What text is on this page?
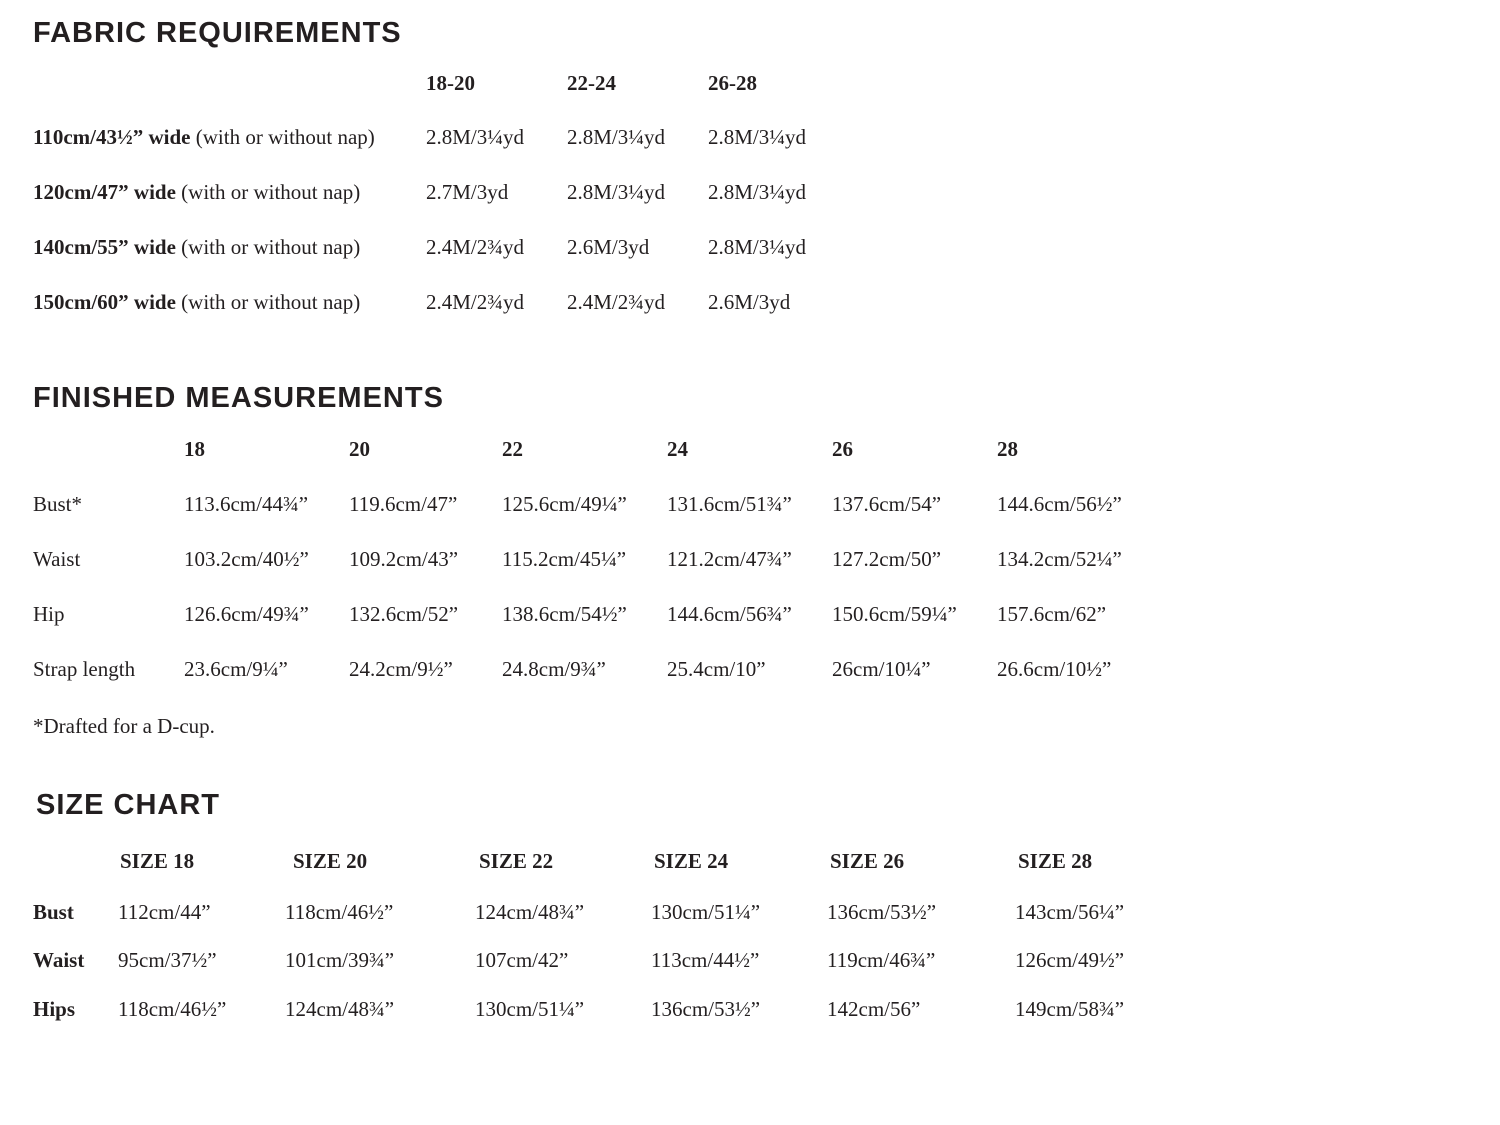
FABRIC REQUIREMENTS
18-20	22-24	26-28
110cm/43½” wide (with or without nap) 2.8M/3¼yd 2.8M/3¼yd 2.8M/3¼yd
120cm/47” wide (with or without nap)	2.7M/3yd	2.8M/3¼yd 2.8M/3¼yd
140cm/55” wide (with or without nap)	2.4M/2¾yd 2.6M/3yd	2.8M/3¼yd
150cm/60” wide (with or without nap)	2.4M/2¾yd 2.4M/2¾yd 2.6M/3yd
FINISHED MEASUREMENTS
18	20	22	24	26	28
Bust*	113.6cm/44¾” 119.6cm/47” 125.6cm/49¼” 131.6cm/51¾” 137.6cm/54”	144.6cm/56½”
Waist	103.2cm/40½” 109.2cm/43” 115.2cm/45¼” 121.2cm/47¾” 127.2cm/50”	134.2cm/52¼”
Hip	126.6cm/49¾” 132.6cm/52” 138.6cm/54½” 144.6cm/56¾” 150.6cm/59¼” 157.6cm/62”
Strap length 23.6cm/9¼”	24.2cm/9½” 24.8cm/9¾”	25.4cm/10”	26cm/10¼”	26.6cm/10½”
*Drafted for a D-cup.
SIZE CHART
SIZE 18	SIZE 20	SIZE 22	SIZE 24	SIZE 26	SIZE 28
Bust 112cm/44”	118cm/46½”	124cm/48¾”	130cm/51¼”	136cm/53½”	143cm/56¼”
Waist 95cm/37½”	101cm/39¾”	107cm/42”	113cm/44½”	119cm/46¾”	126cm/49½”
Hips 118cm/46½”	124cm/48¾”	130cm/51¼”	136cm/53½”	142cm/56”	149cm/58¾”
